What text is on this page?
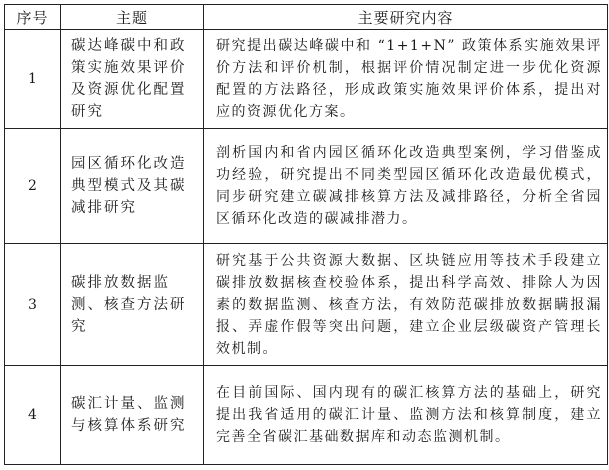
序号	主题	主要研究内容
1	碳达峰碳中和政策实施效果评价及资源优化配置研究	研究提出碳达峰碳中和 “1+1+N” 政策体系实施效果评价方法和评价机制，根据评价情况制定进一步优化资源配置的方法路径，形成政策实施效果评价体系，提出对应的资源优化方案。

2	园区循环化改造典型模式及其碳减排研究	剖析国内和省内园区循环化改造典型案例，学习借鉴成功经验，研究提出不同类型园区循环化改造最优模式，同步研究建立碳减排核算方法及减排路径，分析全省园区循环化改造的碳减排潜力。

3	碳排放数据监测、核查方法研究	研究基于公共资源大数据、区块链应用等技术手段建立碳排放数据核查校验体系，提出科学高效、排除人为因素的数据监测、核查方法，有效防范碳排放数据瞒报漏报、弄虚作假等突出问题，建立企业层级碳资产管理长效机制。

4	碳汇计量、监测与核算体系研究	在目前国际、国内现有的碳汇核算方法的基础上，研究提出我省适用的碳汇计量、监测方法和核算制度，建立完善全省碳汇基础数据库和动态监测机制。
